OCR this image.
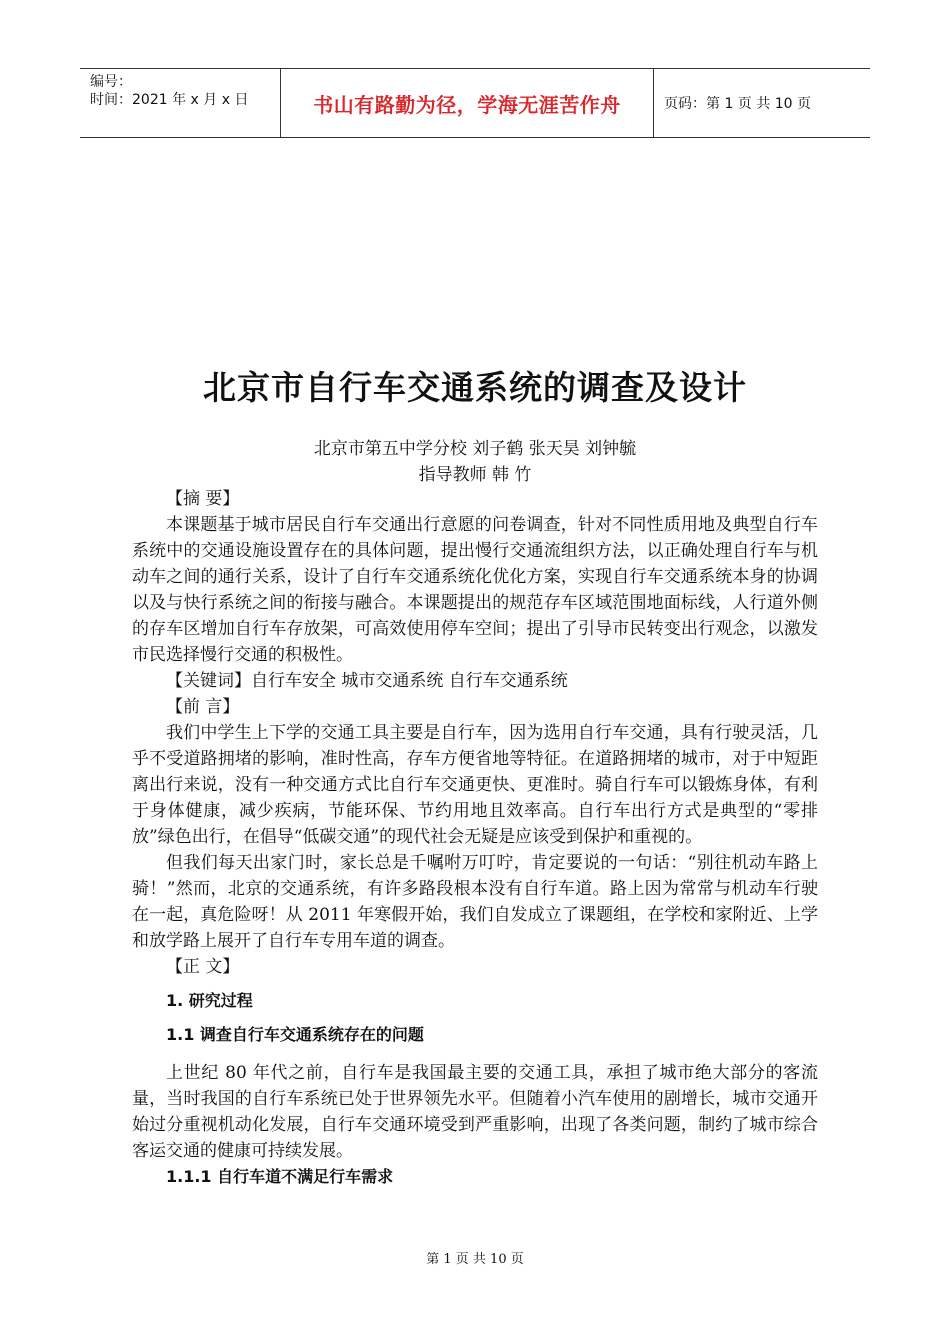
编号：
时间：2021 年 x 月 x 日	书山有路勤为径，学海无涯苦作舟	页码：第 1 页 共 10 页
北京市自行车交通系统的调查及设计
北京市第五中学分校 刘子鹤 张天昊 刘钟毓
指导教师 韩 竹
【摘 要】

本课题基于城市居民自行车交通出行意愿的问卷调查，针对不同性质用地及典型自行车系统中的交通设施设置存在的具体问题，提出慢行交通流组织方法，以正确处理自行车与机动车之间的通行关系，设计了自行车交通系统化优化方案，实现自行车交通系统本身的协调以及与快行系统之间的衔接与融合。本课题提出的规范存车区域范围地面标线，人行道外侧的存车区增加自行车存放架，可高效使用停车空间；提出了引导市民转变出行观念，以激发市民选择慢行交通的积极性。

【关键词】自行车安全 城市交通系统 自行车交通系统
【前 言】

我们中学生上下学的交通工具主要是自行车，因为选用自行车交通，具有行驶灵活，几乎不受道路拥堵的影响，准时性高，存车方便省地等特征。在道路拥堵的城市，对于中短距离出行来说，没有一种交通方式比自行车交通更快、更准时。骑自行车可以锻炼身体，有利于身体健康，减少疾病，节能环保、节约用地且效率高。自行车出行方式是典型的“零排放”绿色出行，在倡导“低碳交通”的现代社会无疑是应该受到保护和重视的。

但我们每天出家门时，家长总是千嘱咐万叮咛，肯定要说的一句话：“别往机动车路上骑！”然而，北京的交通系统，有许多路段根本没有自行车道。路上因为常常与机动车行驶在一起，真危险呀！从 2011 年寒假开始，我们自发成立了课题组，在学校和家附近、上学和放学路上展开了自行车专用车道的调查。

【正 文】
1. 研究过程
1.1 调查自行车交通系统存在的问题

上世纪 80 年代之前，自行车是我国最主要的交通工具，承担了城市绝大部分的客流量，当时我国的自行车系统已处于世界领先水平。但随着小汽车使用的剧增长，城市交通开始过分重视机动化发展，自行车交通环境受到严重影响，出现了各类问题，制约了城市综合客运交通的健康可持续发展。

1.1.1 自行车道不满足行车需求
第 1 页 共 10 页
